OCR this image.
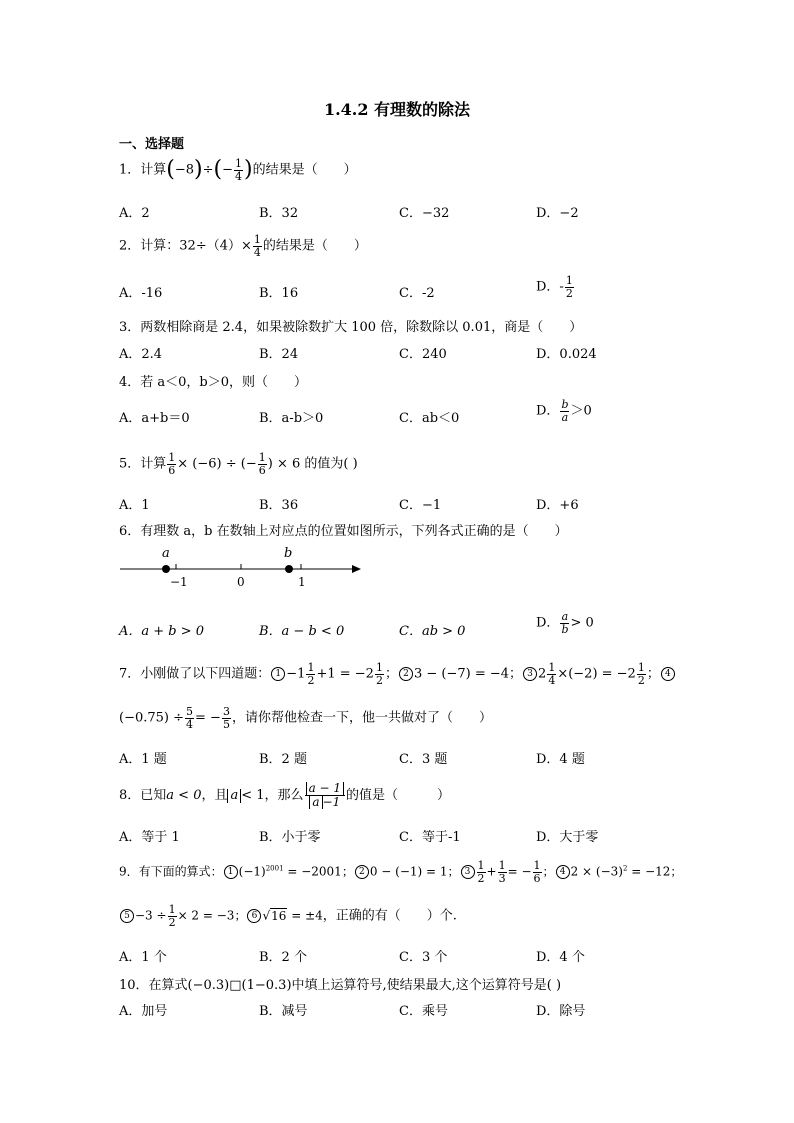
1.4.2 有理数的除法
一、选择题
1．计算$(-8)\div(- \frac{1}{4}$ )的结果是（　　）
A．2	B．32	C．−32	D．−2
2．计算：$32\div(4)\times \frac{1}{4}$ 的结果是（　　）
A．-16	B．16	C．-2	D．- $\frac{1}{2}$
3．两数相除商是 2.4，如果被除数扩大 100 倍，除数除以 0.01，商是（　　）
A．2.4	B．24	C．240	D．0.024
4．若 a＜0，b＞0，则（　　）
A．a+b＝0	B．a-b＞0	C．ab＜0	D． $\frac{b}{a} >0$
5．计算 $\frac{1}{6} \times (-6)$ ÷ (− $\frac{1}{6}$ ) × 6 的值为( )
A．1	B．36	C．−1	D．+6
6．有理数 a，b 在数轴上对应点的位置如图所示，下列各式正确的是（　　）
a	b
−1	0	1
A．a + b > 0	B．a − b < 0	C．ab > 0
D． $\frac{a}{b} > 0$
7．小刚做了以下四道题： $1 -1 \frac{1}{2} +1 = -2 \frac{1}{2}$ ； 2 3 − (−7) = −4； 3 $2 \frac{1}{4} \times(-2) = -2 \frac{1}{2}$ ； 4
$(-0.75) \div \frac{5}{4}$ = − $\frac{3}{5}$ ，请你帮他检查一下，他一共做对了（　　）
A．1 题	B．2 题	C．3 题	D．4 题
8．已知a < 0，且 a < 1，那么 $\frac{a - 1}{a -1}$ 的值是（　　　）
A．等于 1	B．小于零	C．等于-1	D．大于零
9．有下面的算式： 1 $(-1)^{2001} = -2001$； 2 0 − (−1) = 1； $3 \frac{1}{2} + \frac{1}{3}$ = − $\frac{1}{6}$ ； 4 $2 \times (-3)^2 = -12$；
$5 -3 \div \frac{1}{2} \times 2 = -3$； 6 √16 = ±4，正确的有（　　）个.
A．1 个	B．2 个	C．3 个	D．4 个
10．在算式(−0.3)□(1−0.3)中填上运算符号,使结果最大,这个运算符号是( )
A．加号	B．减号	C．乘号	D．除号
